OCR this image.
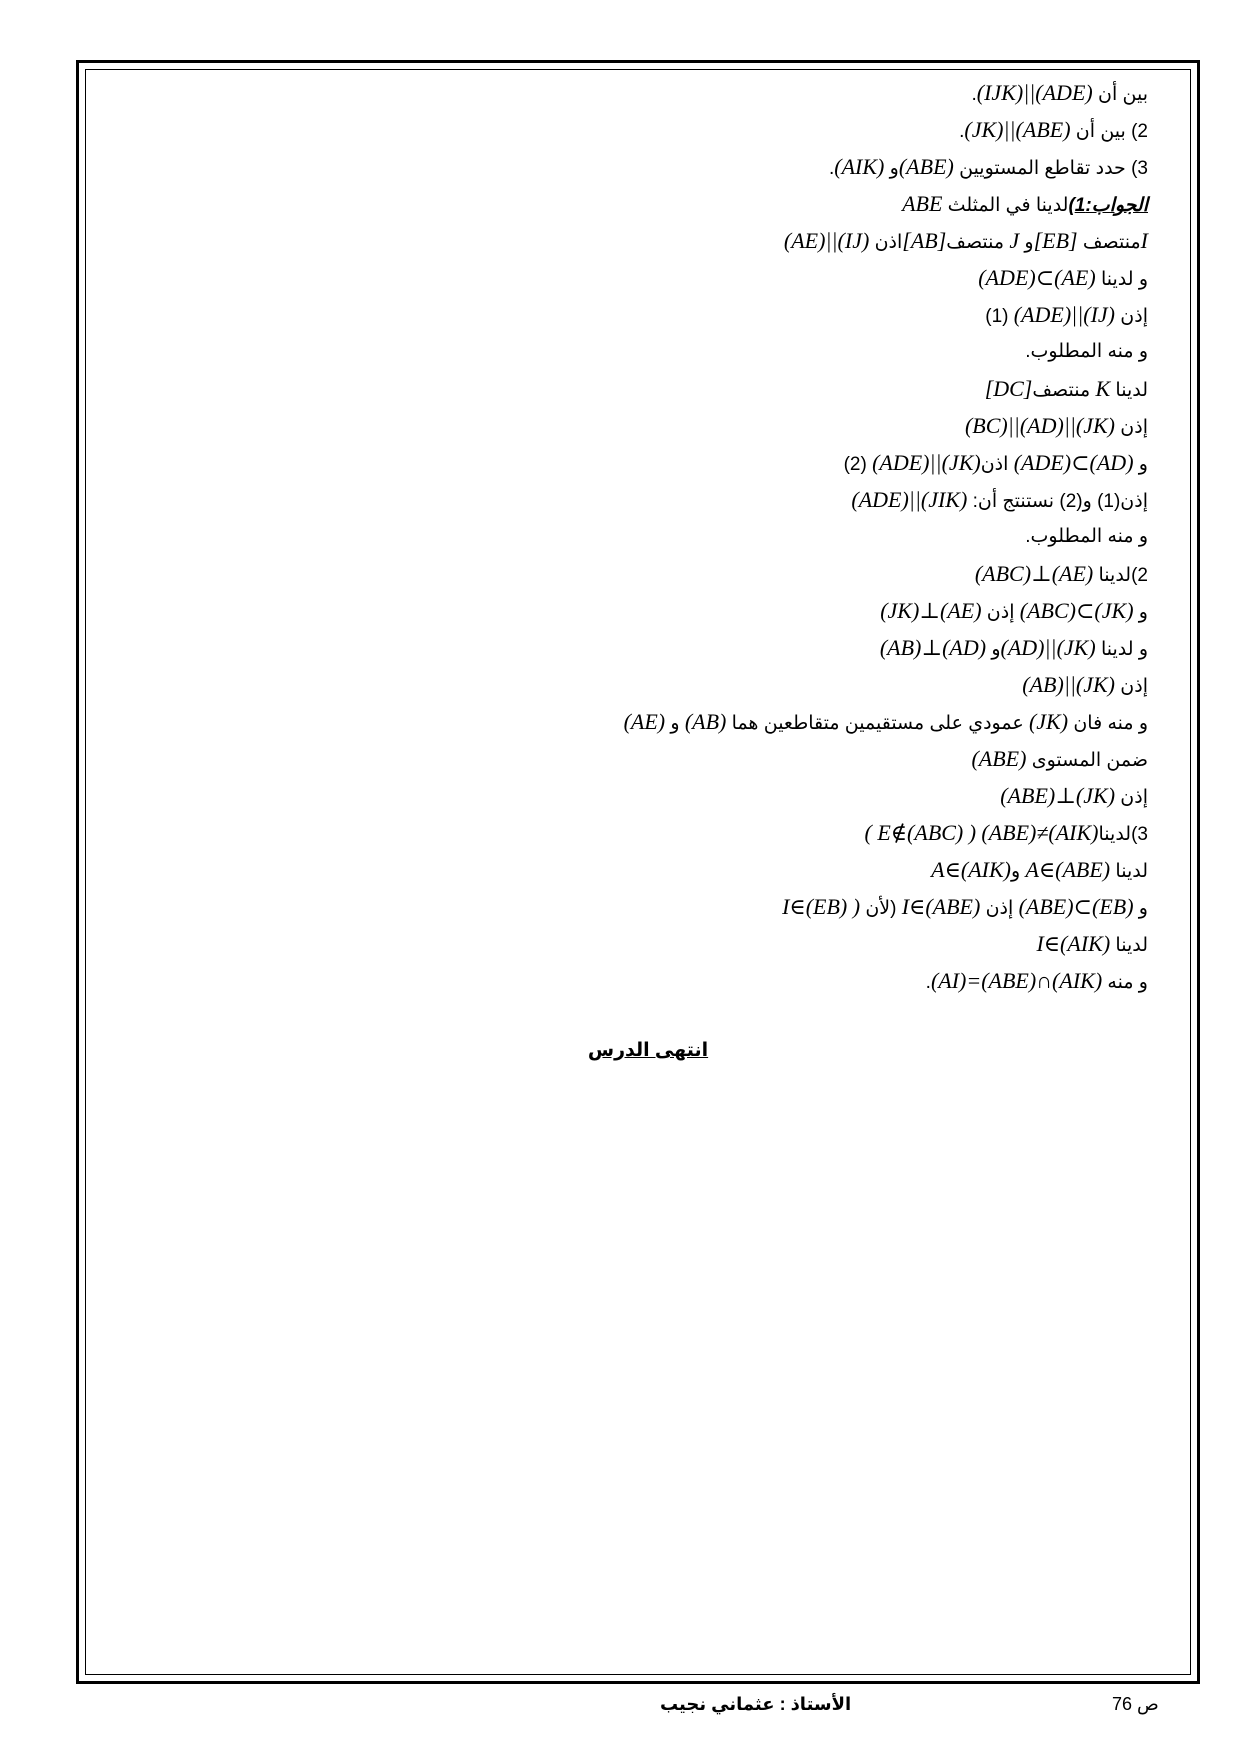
بين أن (IJK)||(ADE).
2) بين أن (JK)||(ABE).
3) حدد تقاطع المستويين (ABE)و (AIK).
الجواب:1)لدينا في المثلث ABE
Iمنتصف [EB]و J منتصف[AB]اذن (AE)||(IJ)
و لدينا (ADE)⊂(AE)
إذن (ADE)||(IJ) (1)
و منه المطلوب.
لدينا K منتصف[DC]
إذن (BC)||(AD)||(JK)
و (ADE)⊂(AD) اذن(ADE)||(JK) (2)
إذن(1) و(2) نستنتج أن: (ADE)||(JIK)
و منه المطلوب.
2)لدينا (ABC)⊥(AE)
و (ABC)⊂(JK) إذن (JK)⊥(AE)
و لدينا (AD)||(JK)و (AB)⊥(AD)
إذن (AB)||(JK)
و منه فان (JK) عمودي على مستقيمين متقاطعين هما (AB) و (AE)
ضمن المستوى (ABE)
إذن (ABE)⊥(JK)
3)لدينا(ABE)≠(AIK) ( E∉(ABC) )
لدينا A∈(ABE) وA∈(AIK)
و (ABE)⊂(EB) إذن I∈(ABE) (لأن I∈(EB) )
لدينا I∈(AIK)
و منه (AI)=(ABE)∩(AIK).
انتهى الدرس
الأستاذ : عثماني نجيب	ص 76
